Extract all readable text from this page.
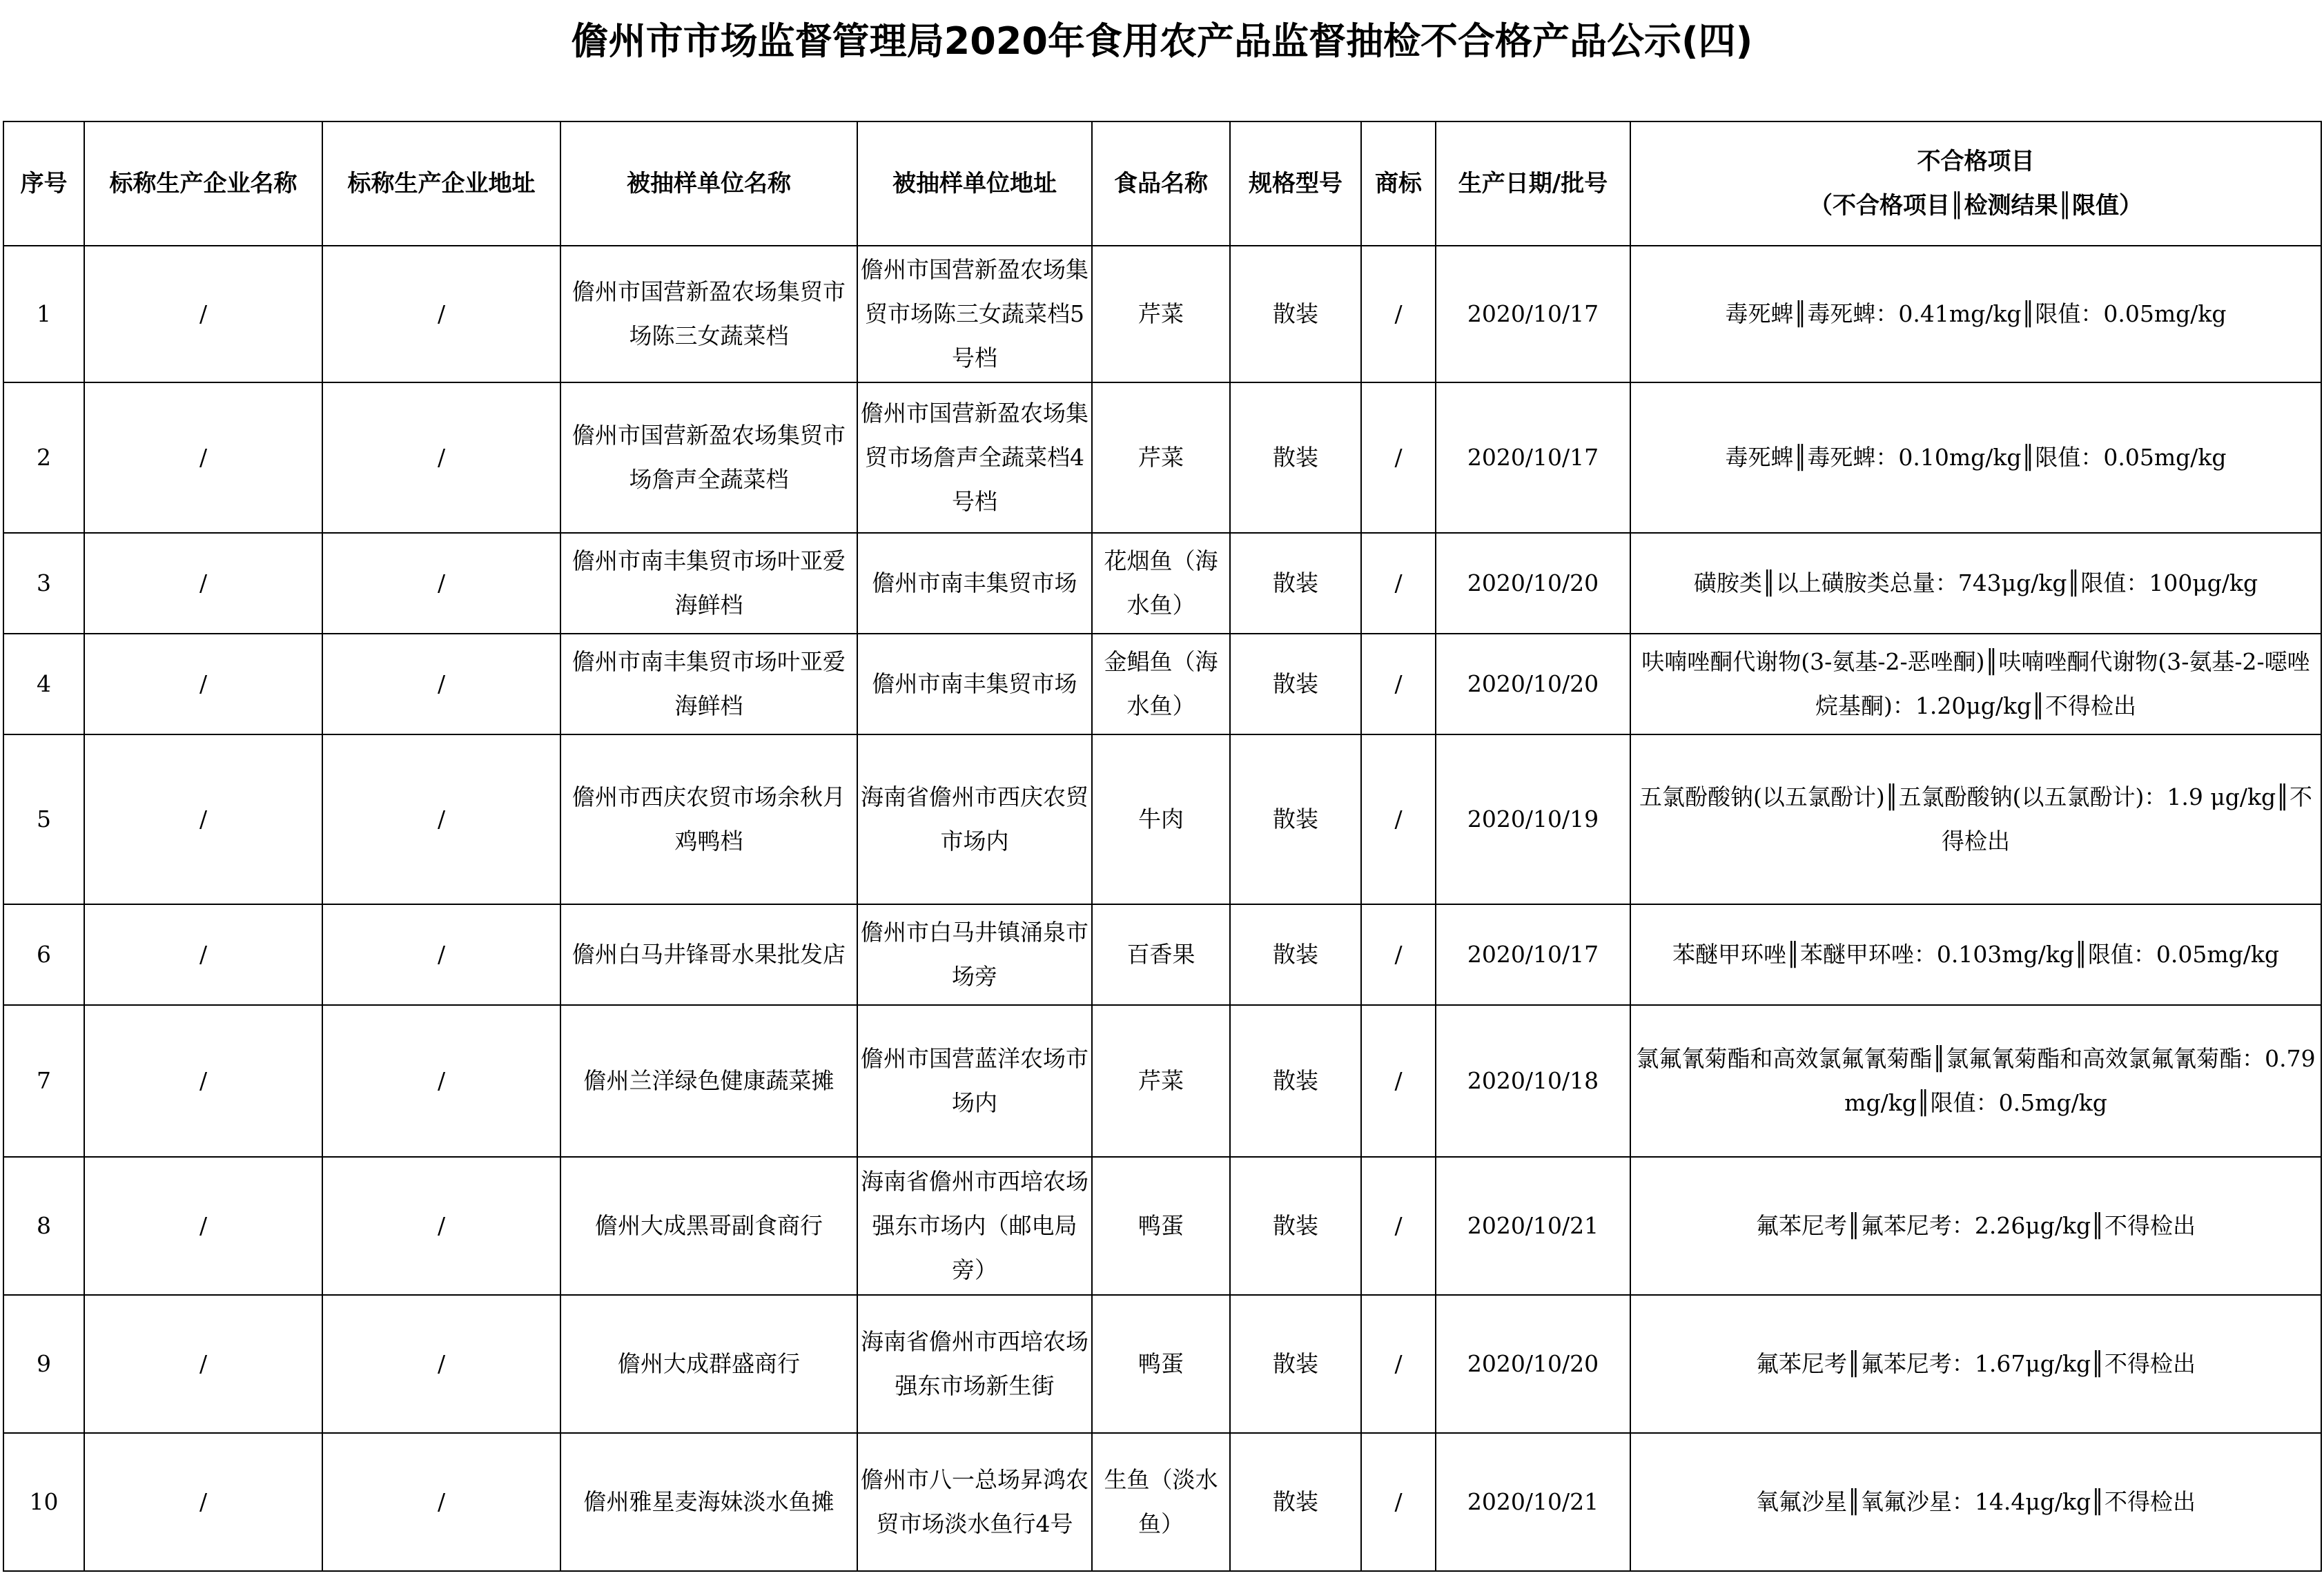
儋州市市场监督管理局2020年食用农产品监督抽检不合格产品公示(四)
序号	标称生产企业名称	标称生产企业地址	被抽样单位名称	被抽样单位地址	食品名称	规格型号	商标	生产日期/批号	不合格项目
（不合格项目║检测结果║限值）

1	/	/	儋州市国营新盈农场集贸市场陈三女蔬菜档	儋州市国营新盈农场集贸市场陈三女蔬菜档5号档	芹菜	散装	/	2020/10/17	毒死蜱║毒死蜱：0.41mg/kg║限值：0.05mg/kg
2	/	/	儋州市国营新盈农场集贸市场詹声全蔬菜档	儋州市国营新盈农场集贸市场詹声全蔬菜档4号档	芹菜	散装	/	2020/10/17	毒死蜱║毒死蜱：0.10mg/kg║限值：0.05mg/kg
3	/	/	儋州市南丰集贸市场叶亚爱海鲜档	儋州市南丰集贸市场	花烟鱼（海水鱼）	散装	/	2020/10/20	磺胺类║以上磺胺类总量：743μg/kg║限值：100μg/kg
4	/	/	儋州市南丰集贸市场叶亚爱海鲜档	儋州市南丰集贸市场	金鲳鱼（海水鱼）	散装	/	2020/10/20	呋喃唑酮代谢物(3-氨基-2-恶唑酮)║呋喃唑酮代谢物(3-氨基-2-噁唑烷基酮)：1.20μg/kg║不得检出
5	/	/	儋州市西庆农贸市场余秋月鸡鸭档	海南省儋州市西庆农贸市场内	牛肉	散装	/	2020/10/19	五氯酚酸钠(以五氯酚计)║五氯酚酸钠(以五氯酚计)：1.9 μg/kg║不得检出
6	/	/	儋州白马井锋哥水果批发店	儋州市白马井镇涌泉市场旁	百香果	散装	/	2020/10/17	苯醚甲环唑║苯醚甲环唑：0.103mg/kg║限值：0.05mg/kg
7	/	/	儋州兰洋绿色健康蔬菜摊	儋州市国营蓝洋农场市场内	芹菜	散装	/	2020/10/18	氯氟氰菊酯和高效氯氟氰菊酯║氯氟氰菊酯和高效氯氟氰菊酯：0.79mg/kg║限值：0.5mg/kg
8	/	/	儋州大成黑哥副食商行	海南省儋州市西培农场强东市场内（邮电局旁）	鸭蛋	散装	/	2020/10/21	氟苯尼考║氟苯尼考：2.26μg/kg║不得检出
9	/	/	儋州大成群盛商行	海南省儋州市西培农场强东市场新生街	鸭蛋	散装	/	2020/10/20	氟苯尼考║氟苯尼考：1.67μg/kg║不得检出
10	/	/	儋州雅星麦海妹淡水鱼摊	儋州市八一总场昇鸿农贸市场淡水鱼行4号	生鱼（淡水鱼）	散装	/	2020/10/21	氧氟沙星║氧氟沙星：14.4μg/kg║不得检出
